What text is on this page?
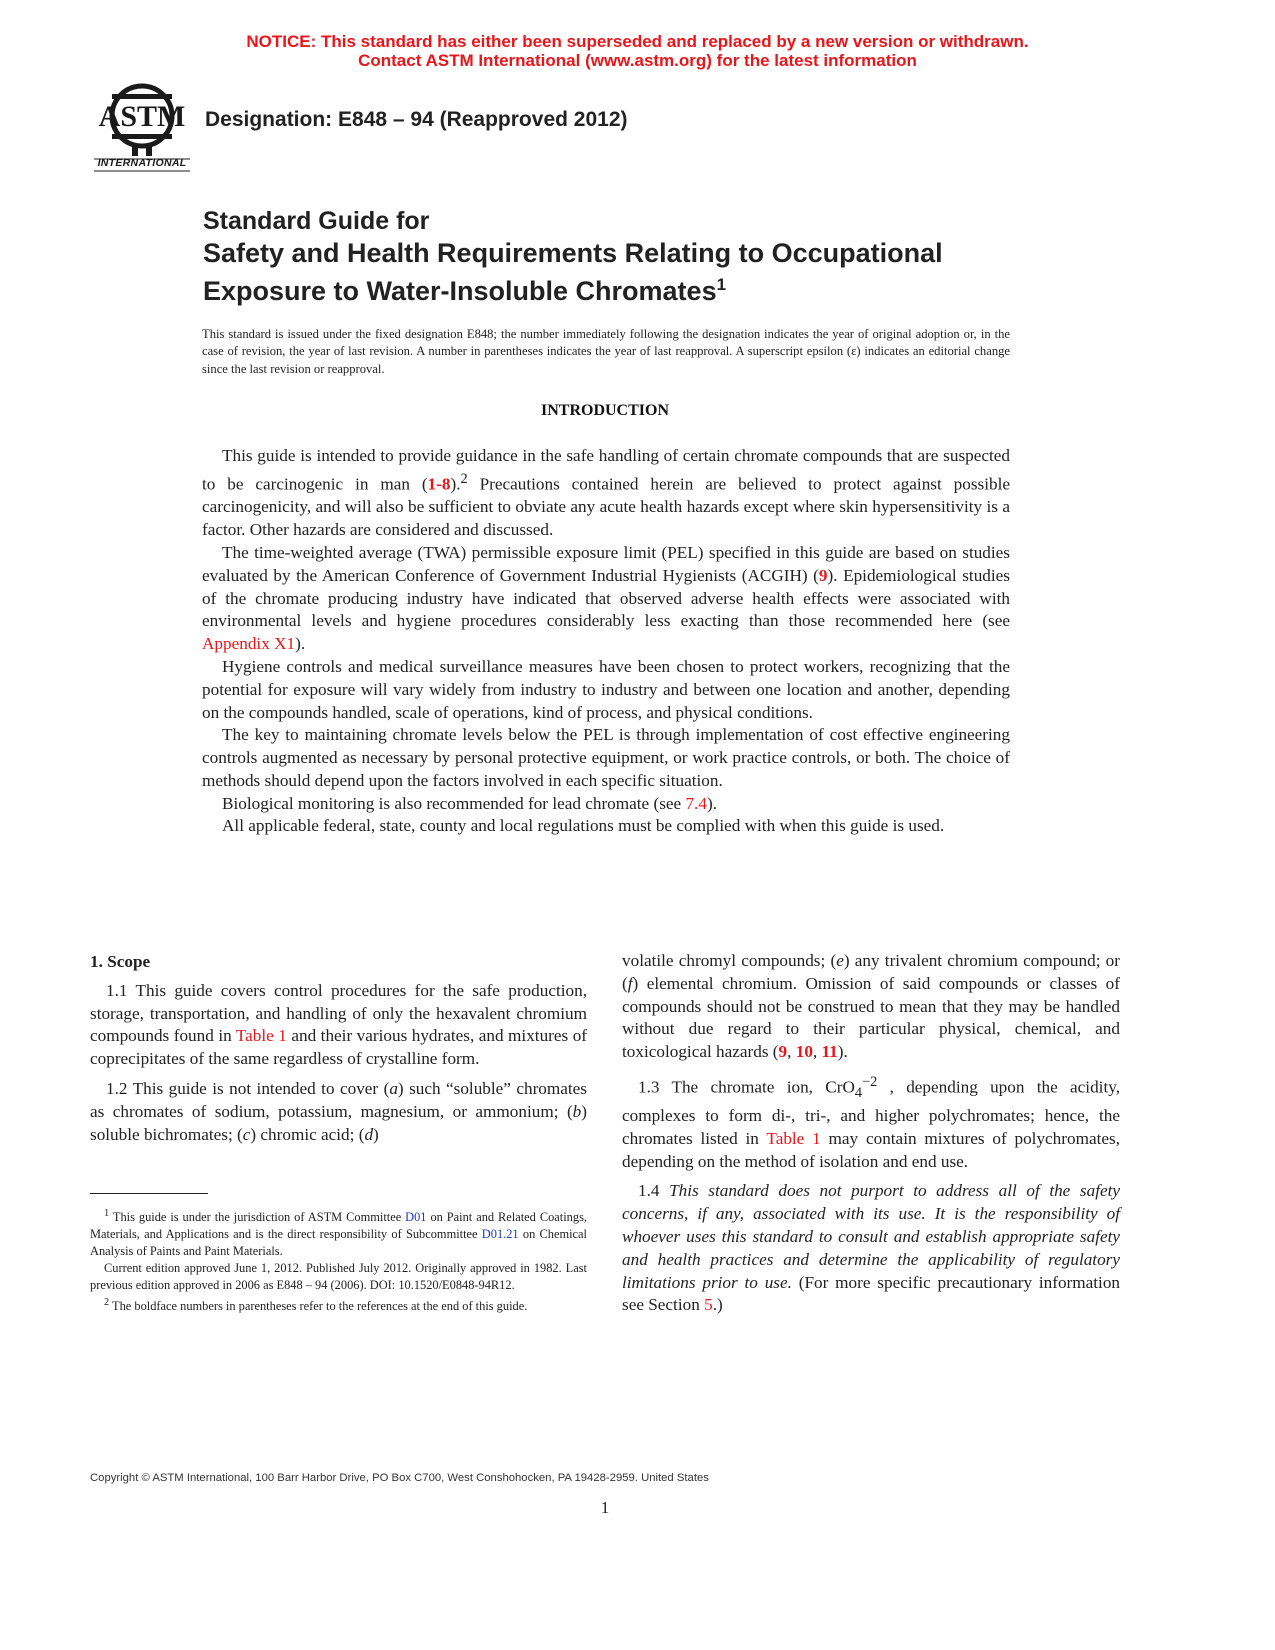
NOTICE: This standard has either been superseded and replaced by a new version or withdrawn.
Contact ASTM International (www.astm.org) for the latest information
ASTM
INTERNATIONAL
Designation: E848 – 94 (Reapproved 2012)
Standard Guide for
Safety and Health Requirements Relating to Occupational
Exposure to Water-Insoluble Chromates$^1$
This standard is issued under the fixed designation E848; the number immediately following the designation indicates the year of original adoption or, in the case of revision, the year of last revision. A number in parentheses indicates the year of last reapproval. A superscript epsilon (ε) indicates an editorial change since the last revision or reapproval.
INTRODUCTION

This guide is intended to provide guidance in the safe handling of certain chromate compounds that are suspected to be carcinogenic in man (1-8).$^2$ Precautions contained herein are believed to protect against possible carcinogenicity, and will also be sufficient to obviate any acute health hazards except where skin hypersensitivity is a factor. Other hazards are considered and discussed.

The time-weighted average (TWA) permissible exposure limit (PEL) specified in this guide are based on studies evaluated by the American Conference of Government Industrial Hygienists (ACGIH) (9). Epidemiological studies of the chromate producing industry have indicated that observed adverse health effects were associated with environmental levels and hygiene procedures considerably less exacting than those recommended here (see Appendix X1).

Hygiene controls and medical surveillance measures have been chosen to protect workers, recognizing that the potential for exposure will vary widely from industry to industry and between one location and another, depending on the compounds handled, scale of operations, kind of process, and physical conditions.

The key to maintaining chromate levels below the PEL is through implementation of cost effective engineering controls augmented as necessary by personal protective equipment, or work practice controls, or both. The choice of methods should depend upon the factors involved in each specific situation.

Biological monitoring is also recommended for lead chromate (see 7.4).

All applicable federal, state, county and local regulations must be complied with when this guide is used.

1. Scope

1.1 This guide covers control procedures for the safe production, storage, transportation, and handling of only the hexavalent chromium compounds found in Table 1 and their various hydrates, and mixtures of coprecipitates of the same regardless of crystalline form.

1.2 This guide is not intended to cover (a) such “soluble” chromates as chromates of sodium, potassium, magnesium, or ammonium; (b) soluble bichromates; (c) chromic acid; (d)

$^1$ This guide is under the jurisdiction of ASTM Committee D01 on Paint and Related Coatings, Materials, and Applications and is the direct responsibility of Subcommittee D01.21 on Chemical Analysis of Paints and Paint Materials.

Current edition approved June 1, 2012. Published July 2012. Originally approved in 1982. Last previous edition approved in 2006 as E848 – 94 (2006). DOI: 10.1520/E0848-94R12.

$^2$ The boldface numbers in parentheses refer to the references at the end of this guide.

volatile chromyl compounds; (e) any trivalent chromium compound; or (f) elemental chromium. Omission of said compounds or classes of compounds should not be construed to mean that they may be handled without due regard to their particular physical, chemical, and toxicological hazards (9, 10, 11).

1.3 The chromate ion, CrO$_4^{-2}$ , depending upon the acidity, complexes to form di-, tri-, and higher polychromates; hence, the chromates listed in Table 1 may contain mixtures of polychromates, depending on the method of isolation and end use.

1.4 This standard does not purport to address all of the safety concerns, if any, associated with its use. It is the responsibility of whoever uses this standard to consult and establish appropriate safety and health practices and determine the applicability of regulatory limitations prior to use. (For more specific precautionary information see Section 5.)

Copyright © ASTM International, 100 Barr Harbor Drive, PO Box C700, West Conshohocken, PA 19428-2959. United States
1
